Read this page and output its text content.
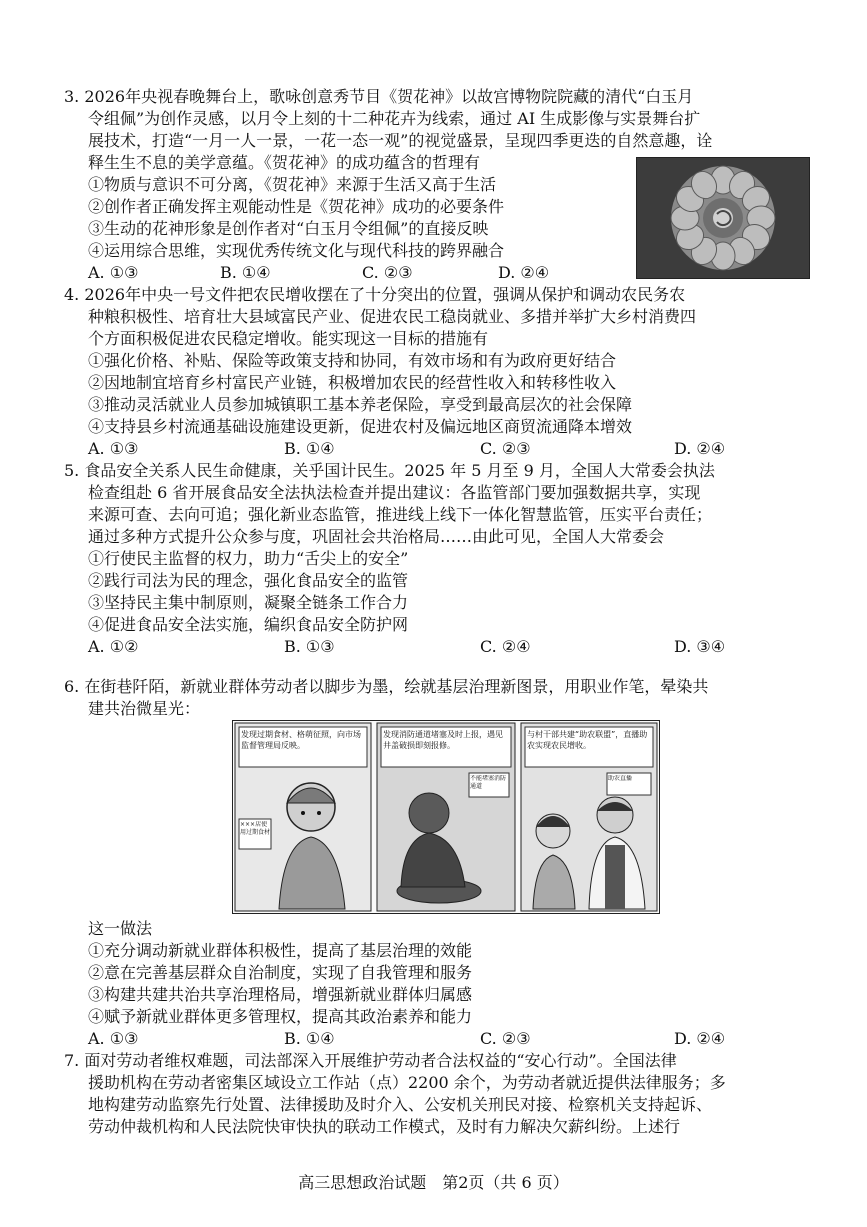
3. 2026年央视春晚舞台上，歌咏创意秀节目《贺花神》以故宫博物院院藏的清代“白玉月
令组佩”为创作灵感，以月令上刻的十二种花卉为线索，通过 AI 生成影像与实景舞台扩
展技术，打造“一月一人一景，一花一态一观”的视觉盛景，呈现四季更迭的自然意趣，诠
释生生不息的美学意蕴。《贺花神》的成功蕴含的哲理有
①物质与意识不可分离，《贺花神》来源于生活又高于生活
②创作者正确发挥主观能动性是《贺花神》成功的必要条件
③生动的花神形象是创作者对“白玉月令组佩”的直接反映
④运用综合思维，实现优秀传统文化与现代科技的跨界融合
A. ①③	B. ①④	C. ②③	D. ②④
4. 2026年中央一号文件把农民增收摆在了十分突出的位置，强调从保护和调动农民务农
种粮积极性、培育壮大县域富民产业、促进农民工稳岗就业、多措并举扩大乡村消费四
个方面积极促进农民稳定增收。能实现这一目标的措施有
①强化价格、补贴、保险等政策支持和协同，有效市场和有为政府更好结合
②因地制宜培育乡村富民产业链，积极增加农民的经营性收入和转移性收入
③推动灵活就业人员参加城镇职工基本养老保险，享受到最高层次的社会保障
④支持县乡村流通基础设施建设更新，促进农村及偏远地区商贸流通降本增效
A. ①③	B. ①④	C. ②③	D. ②④
5. 食品安全关系人民生命健康，关乎国计民生。2025 年 5 月至 9 月，全国人大常委会执法
检查组赴 6 省开展食品安全法执法检查并提出建议：各监管部门要加强数据共享，实现
来源可查、去向可追；强化新业态监管，推进线上线下一体化智慧监管，压实平台责任；
通过多种方式提升公众参与度，巩固社会共治格局……由此可见，全国人大常委会
①行使民主监督的权力，助力“舌尖上的安全”
②践行司法为民的理念，强化食品安全的监管
③坚持民主集中制原则，凝聚全链条工作合力
④促进食品安全法实施，编织食品安全防护网
A. ①②	B. ①③	C. ②④	D. ③④
6. 在街巷阡陌，新就业群体劳动者以脚步为墨，绘就基层治理新图景，用职业作笔，晕染共
建共治微星光：
发现过期食材、格萌征照，向市场监督管理局反映。
×××店使用过期食材
发现消防通道堵塞及时上报，遇见井盖破损即刻报修。
不能堵塞消防通道
与村干部共建“助农联盟”，直播助农实现农民增收。
助农直播
这一做法
①充分调动新就业群体积极性，提高了基层治理的效能
②意在完善基层群众自治制度，实现了自我管理和服务
③构建共建共治共享治理格局，增强新就业群体归属感
④赋予新就业群体更多管理权，提高其政治素养和能力
A. ①③	B. ①④	C. ②③	D. ②④
7. 面对劳动者维权难题，司法部深入开展维护劳动者合法权益的“安心行动”。全国法律
援助机构在劳动者密集区域设立工作站（点）2200 余个，为劳动者就近提供法律服务；多
地构建劳动监察先行处置、法律援助及时介入、公安机关刑民对接、检察机关支持起诉、
劳动仲裁机构和人民法院快审快执的联动工作模式，及时有力解决欠薪纠纷。上述行
高三思想政治试题　第2页（共 6 页）
